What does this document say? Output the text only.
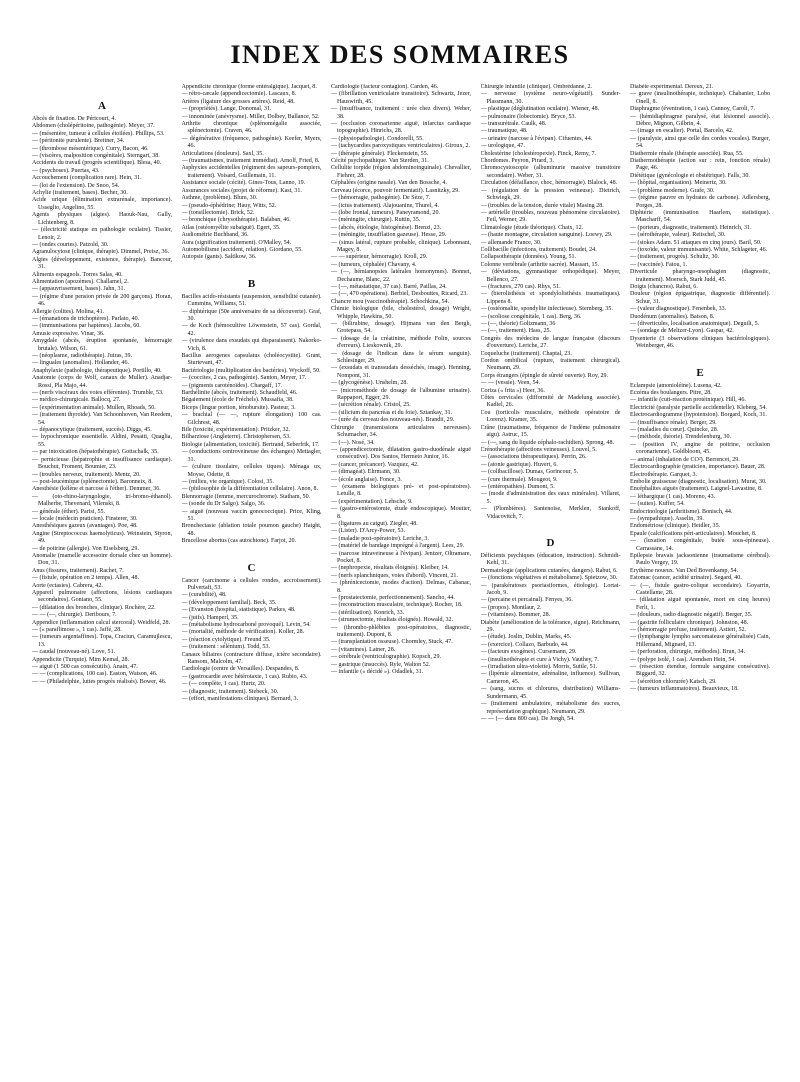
INDEX DES SOMMAIRES
A

Abcès de fixation. De Péricourt, 4.

Abdomen (cholépéritoine, pathogénie). Meyer, 37.

— (mésentère, tumeur à cellules étoilées). Phillips, 53.

— (péritonite purulente). Breitner, 34.

— (thrombose mésentérique). Curry, Bacon, 46.

— (viscères, malposition congénitale). Sterngart, 38.

Accidents du travail (progrès scientifique). Blesa, 40.

— (psychoses). Puertas, 43.

Accouchement (complication rare). Hein, 31.

— (loi de l'extension). De Snoo, 54.

Achylie (traitement, bases). Becher, 30.

Acide urique (élimination extrarénale, importance). Usseglio, Angelino, 55.

Agents physiques (algies). Haouk-Nau, Gally, Lichtenberg, 8.

— (électricité statique en pathologie oculaire). Tissier, Lenoir, 2.

— (ondes courtes). Patzold, 30.

Agranulocytose (clinique, thérapie). Dimmel, Preisz, 36.

Algies (développement, existence, thérapie). Bancour, 31.

Aliments espagnols. Torres Salas, 40.

Alimentation (apozèmes). Challamel, 2.

— (appauvrissement, bases). Jahn, 31.

— (régime d'une pension privée de 200 garçons). Horan, 46.

Allergie (colites). Molina, 41.

— (émanations de trichoptères). Parlato, 40.

— (immunisations par haptènes). Jacobs, 60.

Amusie expressive. Vinar, 36.

Amygdale (abcès, éruption spontanée, hémorragie brutale). Wilson, 61.

— (néoplasme, radiothérapie). Jutras, 39.

— linguales (anomalies). Hollander, 46.

Anaphylaxie (pathologie, thérapeutique). Portillo, 40.

Anatomie (corps de Wolf, canaux de Muller). Anadjar-Rossi, Pla Majo, 44.

— (nerfs viscéraux des voies efférentes). Trumble, 53.

— médico-chirurgicale. Ballocq, 27.

— (expérimentation animale). Mullen, Rhoads, 50.

— (traitement thyroïde). Van Schoonhoven, Van Reedem, 54.

— dépanocytique (traitement, succès). Diggs, 45.

— hypochromique essentielle. Aldini, Pesatti, Quaglia, 55.

— par intoxication (hépatothérapie). Gottschalk, 35.

— pernicieuse (hépatrophie et insuffisance cardiaque). Bouchut, Froment, Boumier, 23.

— (troubles nerveux, traitement). Mentz, 20.

— post-leucémique (splénectomie). Baronneix, 8.

Anesthésie (kélène et narcose à l'éther). Demmer, 36.

— (oto-rhino-laryngologie, tri-bromo-éthanol). Malherbe, Thevenard, Vilenski, 8.

— générale (éther). Parisi, 55.

— locale (médecin praticien). Finsterer, 30.

Anesthésiques gazeux (avantages). Poe, 48.

Angine (Streptococcus haemolyticus). Weinstein, Styron, 49.

— de poitrine (allergie). Von Eiselsberg, 29.

Anomalie (mamelle accessoire dorsale chez un homme). Don, 31.

Anus (fissures, traitement). Rachet, 7.

— (fistule, opération en 2 temps). Allen, 48.

Aorte (ectasies). Cabrera, 42.

Appareil pulmonaire (affections, lésions cardiaques secondaires). Goniano, 55.

— (dilatation des bronches, clinique). Rochère, 22.

— — (—, chirurgie). Deribours, 7.

Appendice (inflammation calcul stercoral). Weidfeld, 28.

— (« paraflimose », 1 cas). Jaffé, 28.

— (tumeurs argentaffines). Topa, Craciun, Caramujlescu, 13.

— caudal (nouveau-né). Love, 51.

Appendicite (Turquie). Mim Kemal, 28.

— aiguë (1 500 cas consécutifs). Anain, 47.

— — (complications, 100 cas). Easton, Watson, 46.

— — (Philadelphie, luttes progrès réalisés). Bower, 46.

Appendicite chronique (forme entéralgique). Jacquet, 8.

— rétro-cæcale (appendicectomie). Lascaux, 8.

Artères (ligature des grosses artères). Reid, 48.

— (propriétés). Lange, Donomal, 31.

— innominée (anévrysme). Miller, Dolbey, Ballance, 52.

Arthrite chronique (splénomégalie associée, splénectomie). Craven, 46.

— dégénérative (fréquence, pathogénie). Keefer, Myers, 46.

Articulations (douleurs). Saxl, 35.

— (traumatismes, traitement immédiat). Arnolf, Fried, 8.

Asphyxies accidentelles (régiment des sapeurs-pompiers, traitement). Voisard, Guillemain, 11.

Assistance sociale (cécité). Gines-Tous, Lanno, 19.

Assurances sociales (projet de réforme). Kast, 31.

Asthme, (problème). Blum, 30.

— (pseudo-éphédrine; Hauy, Witts, 52.

— (tonsillectomie). Brick, 52.

— bronchique (chrysothérapie). Balaban, 46.

Atlas (ostéomyélite subaiguë). Egert, 35.

Audiométrie Buchband, 36.

Aura (signification traitement). O'Malley, 54.

Automobilisme (accident, relation). Giordano, 55.

Autopsie (gants). Saltikow, 36.

B

Bacilles acido-résistants (suspension, sensibilité cutanée). Cummins, Williams, 51.

— diphtérique (50e anniversaire de sa découverte). Graf, 30.

— de Koch (hémocultive Löwenstein, 57 cas). Gordal, 42.

— (virulence dans exsudats qui disparaissent). Nakorko-Vich, 8.

Bacillus aerogenes capsulatus (choléocystite). Grant, Sturtevant, 47.

Bactériologie (multiplication des bactéries). Wyckoff, 50.

— (coccites, 2 cas, pathogénie). Santon, Meyer, 17.

— (pigments caroténoïdes). Chargaff, 17.

Barthélinite (abcès, traitement). Schaudfeld, 46.

Bégaiement (école de Fréchels). Mussafia, 38.

Biceps (lingue portion, ténobursite). Pasteur, 3.

— brachial (— —, rupture élongation) 100 cas. Gilchrest, 48.

Bile (toxicité, expérimentation). Pritzker, 32.

Bilharziose (Angleterre). Christophersen, 53.

Biologie (alimentation, toxicité). Bertrand, Seberfrik, 17.

— (conductions centroveineuse des échanges) Mettagler, 31.

— (culture tissulaire, cellules tiques). Ménaga ux, Moyse, Odette, 8.

— (milieu, vie organique). Colosi, 35.

— (philosophie de la différentiation cellulaire). Anon, 8.

Blennorragie (femme, mercurochrome). Statham, 50.

— (sonde du Dr Salgo). Salgo, 36.

— aiguë (nouveau vaccin gonococcique). Price, Kling, 51.

Bronchectasie (ablation totale poumon gauche) Haight, 48.

Brucellose abortus (cas autochtone). Farjot, 20.

C

Cancer (carcinome à cellules rondes, accroissement). Pulvertaft, 53.

— (curabilité), 48.

— (développement familial). Beck, 35.

— (Evanston (hospital, statistique). Parkes, 48.

— (juifs). Hamperl, 35.

— (métabolisme hydrocarboné provoqué). Levin, 54.

— (mortalité, méthode de vérification). Koller, 28.

— (réaction cytolytique). Freund 35.

— (traitement : sélénium). Todd, 53.

Canaux biliaires (contracture diffuse, ictère secondaire). Ransom, Malcolm, 47.

Cardiologie (centre de Versailles). Despandes, 8.

— (gastrocardie avec hétérotaxie, 1 cas). Rubio, 43.

— (— complète, 1 cas). Hurtz, 20.

— (diagnostic, traitement). Siebeck, 30.

— (effort, manifestations cliniques). Bernard, 3.

Cardiologie (facteur contagion). Carden, 46.

— (fibrillation ventriculaire transitoire). Schwartz, Jezer, Hauswirth, 45.

— (insuffisance, traitement : urée chez divers). Weber, 38.

— (occlusion coronarienne aiguë, infarctus cardiaque topographie). Hinrichs, 28.

— (physiopathologie). Condorelli, 55.

— (tachycardies paroxystiques ventriculaires). Giroux, 2.

— (thérapie générale). Fleckenstein, 55.

Cécité psychopathique. Van Sterden, 31.

Cellulite torpide (région abdominoinguinale). Chevallier, Fiehrer, 28.

Céphalées (origine nasale). Van den Bossche, 4.

Cerveau (écorce, pouvoir fermentatif). Lasnitzky, 29.

— (hémorragie, pathogénie). De Sèze, 7.

— (ictus traitement). Alajouanine, Thurel, 4.

— (lobe frontal, tumeurs). Paneyramond, 20.

— (méningite, chirurgie). Ruttin, 35.

— (abcès, étiologie, histogénèse). Brenzi, 23.

— (méningite, insufflation gazeuse). Hesse, 29.

— (sinus latéral, rupture probable, clinique). Lebonnant, Magey, 8.

— — supérieur, hémorragie). Kroll, 29.

— (tumeurs, céphalée) Chavany, 4.

— (—, hémianopsies latérales homonymes). Bonnet, Dechaume, Blanc, 22.

— (—, métastatique, 37 cas). Barré, Paillas, 24.

— (—, 470 opérations). Berbiel, Desbouttes, Ricard, 23.

Chancre mou (vaccinothérapie). Schochkina, 54.

Chimie biologique (bile, cholestérol, dosage) Wright, Whipple, Hawkins, 50.

— (bilirubine, dosage). Hijmans van den Bergh, Grotepass, 54.

— (dosage de la créatinine, méthode Folin, sources d'erreurs). Lieskownik, 29.

— (dosage de l'indican dans le sérum sanguin). Schlesinger, 29.

— (exsudats et transsudats desséchés, image). Henning, Nompont, 31.

— (glycogénèse). Unshelm, 28.

— (microméthode de dosage de l'albumine urinaire). Rappaport, Egger, 29.

— (sécrétion rénale). Cristol, 25.

— (silicium du pancréas et du foie). Sztankay, 31.

— (urée du cerveau des nouveau-nés). Brandii, 29.

Chirurgie (transmissions articulaires nerveuses). Schumacher, 34.

— (—). Nosé, 34.

— (appendicectomie, dilatation gastro-duodénale aiguë consécutive). Dos Santos, Hermeto Junior, 16.

— (cancer, précancer). Vazquez, 42.

— (dimagéat). Ehrmann, 30.

— (école anglaise). Fonce, 3.

— (examens biologiques pré- et post-opératoires). Letulle, 8.

— (expérimentation). Lehsche, 9.

— (gastro-entérostomie, étude endoscopique). Moutier, 8.

— (ligatures au catgut). Ziegler, 48.

— (Lister). D'Arcy-Power, 53.

— (maladie post-opératoire). Leriche, 3.

— (matériel de bandage imprégné à l'argent). Lees, 29.

— (narcose intraveineuse à l'évipan). Jentzer, Oltramare, Pocket, 8.

— (nephropexie, résultats éloignés). Kleiber, 14.

— (nerfs splanchniques, voies d'abord). Vincent, 21.

— (phrénicectomie, modes d'action). Delmas, Cabanac, 8.

— (prostatectomie, perfectionnement). Sancho, 44.

— (reconstruction musculaire, technique). Rocher, 18.

— (stérilisation). Konrich, 33.

— (strumectomie, résultats éloignés). Howald, 32.

— (thrombo-phlébites post-opératoires, diagnostic, traitement). Dupont, 8.

— (transplantation osseuse). Chormley, Stuck, 47.

— (vitamines). Latner, 28.

— cérébrale (ventriculographie). Kopsch, 29.

— gastrique (insuccès). Ryle, Walton 52.

— infantile (« décidé »). Odadlek, 31.

Chirurgie infantile (clinique). Ombrédanne, 2.

— nerveuse (système neuro-végétatif). Sunder-Plassmann, 30.

— plastique (déglutination oculaire). Wiener, 48.

— pulmonaire (lobectomie). Bryce, 53.

— transurétrale. Caulk, 48.

— traumatique, 48.

— urinaire (narcose à l'évipan). Cifuentes, 44.

— urologique, 47.

Cholestérine (cholestéropexie). Finck, Remy, 7.

Chordomes. Peyron, Pirard, 3.

Chromocystoscopie (albuminurie massive transitoire secondaire). Weber, 31.

Circulation (défaillance, choc, hémorragie). Blalock, 48.

— (régulation de la pression veineuse). Dietrich, Schwiegk, 29.

— (troubles de la tension, durée vitale) Masing 28.

— artérielle (troubles, nouveau phénomène circulatoire). Feil, Werner, 29.

Climatologie (étude théorique). Chaix, 12.

— (haute montagne, circulation sanguine). Loewy, 29.

— allemande France, 30.

Collibacille (infections, traitement). Boudet, 24.

Collapsothérapie (données). Young, 51.

Colonne vertébrale (arthrite sacrée). Massart, 15.

— (déviations, gymnastique orthopédique). Meyer, Bellenco, 27.

— (fractures, 270 cas). Rhys, 51.

— (bierolisthésis et spondylolisthésis traumatiques). Lippens 8.

— (ostéomalite, spondylite infectieuse). Sternberg, 35.

— (scoliose congénitale, 1 cas). Berg, 36.

— (—, théorie) Goltzmann, 36

— (—, traitement). Hass, 25.

Congrès des médecins de langue française (discours d'ouverture). Leriche, 27.

Coqueluche (traitement). Chaptal, 23.

Cordon ombilical (rupture, traitement chirurgical). Neumann, 29.

Corps étrangers (épingle de sûreté ouverte). Roy, 29.

— — (vessie). Veen, 54.

Coriza (« frita ») Heer, 36.

Côtes cervicales (difformité de Madelung associée). Kadiel, 26.

Cou (torticolis musculaire, méthode opératoire de Lorenz). Kramer, 35.

Crâne (traumatisme, fréquence de l'œdème pulmonaire aigu). Astruc, 15.

— (—, sang du liquide céphalo-rachidien). Sprong, 48.

Crénothérapie (affections veineuses). Louvel, 5.

— (associations thérapeutiques). Perrin, 26.

— (atonie gastrique). Huvert, 6.

— (colibacillose). Dumas, Gorincour, 5.

— (cure thermale). Mougeot, 9.

— (entéropathies). Dumont, 5.

— (mode d'administration des eaux minérales). Villaret, 5.

— (Plombières). Santenoise, Merklen, Stankoff, Vidacovitch, 7.

D

Déficients psychiques (éducation, instruction). Schmidt-Kehl, 31.

Dermatologie (applications cutanées, dangers). Rabut, 6.

— (fonctions végétatives et métabolisme). Spietzow, 30.

— (parakératoses psoriasiformes, étiologie). Lortat-Jacob, 9.

— (percaine et percainal). Fenyes, 36.

— (propos). Montlaur, 2.

— (vitamines). Bommer, 28.

Diabète (amélioration de la tolérance, signe). Reichmann, 29.

— (étude). Joslin, Dublin, Marks, 45.

— (exercice). Collazo, Barbudo, 44.

— (facteurs exogènes). Cursemann, 29.

— (insulinothérapie et cure à Vichy). Vauthey, 7.

— (irradiation ultra-violette). Morris, Suttle, 51.

— (lipémie alimentaire, adrénaline, influence). Sullivan, Cameron, 45.

— (sang, sucres et chlorures, distribution) Williams-Sundermann, 45.

— (traitement ambulatoire, métabolisme des sucres, représentation graphique). Neumann, 29.

— — (— dans 800 cas). De Jongh, 54.

Diabète expérimental. Dereux, 21.

— grave (insulinothérapie, technique). Chabanier, Lobo Onell, 8.

Diaphragme (éventration, 1 cas). Cannoy, Caroli, 7.

— (hémidiaphragme paralysé, état lésionnel associé). Dèbre, Mignon, Gilbrin, 4.

— (image en escalier). Portal, Barcelo, 42.

— (paralysie, ainsi que celle des cordes vocales). Burger, 54.

Diathermie rénale (thérapie associée). Rua, 55.

Diathermothérapie (action sur : rein, fonction rénale) Page, 46.

Diététique (gynécologie et obstétrique). Falls, 30.

— (hôpital, organisation). Meinertz, 30.

— (problème moderne). Grafe, 30.

— (régime pauvre en hydrates de carbone). Adlersberg, Porges, 28.

Diphtérie (immunisation Haarlem, statistique). Mascharff, 54.

— (porteurs, diagnostic, traitement). Heinrich, 31.

— (sérothérapie, valeur). Reitschel, 30.

— (stokes Adam. 51 attaques en cinq jours). Baril, 50.

— (toxoïde, valeur immunisante). White, Schlageter, 46.

— (traitement, progrès). Schultz, 30.

— (vaccinée). Fatou, 1.

Diverticule pharyngo-œsophagien (diagnostic, traitement). Moersch, Stark Judd, 45.

Doigts (chancres). Rabut, 6.

Douleur (région épigastrique, diagnostic différentiel). Schur, 31.

— (valeur diagnostique). Fenenbek, 33.

Duodénum (anomalies). Batson, 8.

— (diverticules, localisation anatomique). Deguilt, 5.

— (sondage de Meltzer-Lyon). Gaspar, 42.

Dysenterie (3 observations cliniques bactériologiques). Weinberger, 46.

E

Eclampsie (amonioléine). Lusena, 42.

Eczéma des boulangers. Pitre, 28.

— infantile (cuti-réaction protéinique). Hill, 46.

Electricité (paralysie partielle accidentelle). Kleberg, 54.

Electrocardiogramme (hypotension). Borgard, Koch, 31.

— (insuffisance rénale). Berger, 29.

— (maladies du cœur). Quincke, 28.

— (méthode, théorie). Trendelenburg, 30.

— (position IV, angine de poitrine, occlusion coronarienne). Goldbloom, 45.

— animal (inhalation de CO²). Berrencet, 29.

Electrocardiographie (praticien, importance). Bauer, 28.

Electrothérapie. Garquet, 3.

Embolie graisseuse (diagnostic, localisation). Murat, 30.

Encéphalites aiguës (traitement). Laignel-Lavastine, 8.

— léthargique (1 cas). Moreno, 43.

— (suites). Kuffer, 54.

Endocrinologie (arthritisme). Bonisch, 44.

— (sympathique). Asselin, 39.

Endométriose (clinique). Heidler, 35.

Epaule (calcifications péri-articulaires). Mouchet, 8.

— (luxation congénitale, butée sous-épineuse). Carrassane, 14.

Epilepsie bravais jacksonienne (traumatisme cérébral). Paulo Vergey, 19.

Erythème noueux. Van Ded Bovenkamp, 54.

Estomac (cancer, acidité urinaire). Segard, 40.

— (—, fistule gastro-colique secondaire). Goyarrin, Castellame, 28.

— (dilatation aiguë spontanée, mort en cinq heures) Ferlt, 1.

— (douleurs, radio diagnostic négatif). Berger, 35.

— (gastrite folliculaire chronique). Johnston, 48.

— (hémorragie profuse, traitement). Astieri, 52.

— (lymphangite lympho sarcomateuse généralisée) Cain, Hillemand, Mignard, 13.

— (perforation, chirurgie, méthodes). Brun, 34.

— (polype isolé, 1 cas). Arendsen Hein, 54.

— (résection étendue, formule sanguine consécutive). Biggard, 32.

— (sécrétion chlorurée) Katsch, 29.

— (tumeurs inflammatoires). Beauvieux, 18.
